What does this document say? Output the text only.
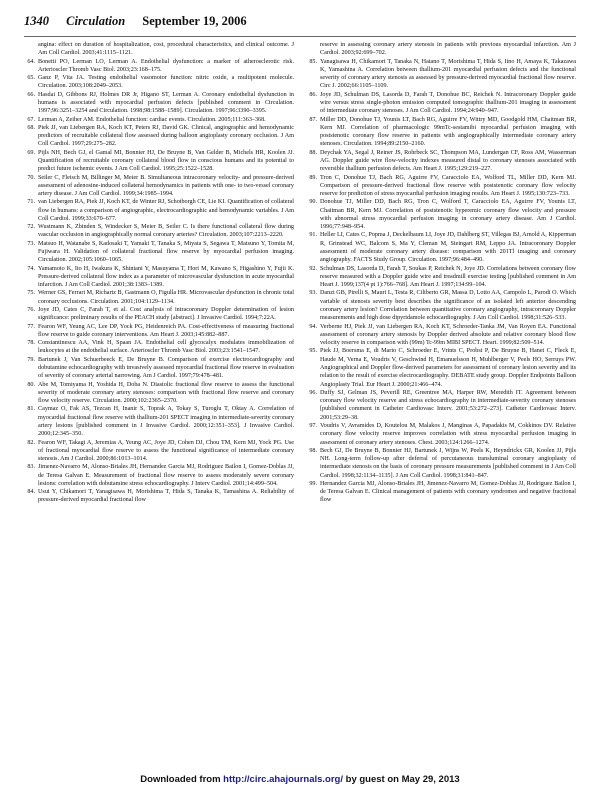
1340 Circulation September 19, 2006
angina: effect on duration of hospitalization, cost, procedural characteristics, and clinical outcome. J Am Coll Cardiol. 2003;41:1115–1121.
64. Bonetti PO, Lerman LO, Lerman A. Endothelial dysfunction: a marker of atherosclerotic risk. Arterioscler Thromb Vasc Biol. 2003;23:168–175.
65. Ganz P, Vita JA. Testing endothelial vasomotor function: nitric oxide, a multipotent molecule. Circulation. 2003;108:2049–2053.
66. Hasdai D, Gibbons RJ, Holmes DR Jr, Higano ST, Lerman A. Coronary endothelial dysfunction in humans is associated with myocardial perfusion defects [published comment in Circulation. 1997;96:3251–3254 and Circulation. 1998;98:1588–1589]. Circulation. 1997;96:3390–3395.
67. Lerman A, Zeiher AM. Endothelial function: cardiac events. Circulation. 2005;111:363–368.
68. Piek JJ, van Liebergen RA, Koch KT, Peters RJ, David GK. Clinical, angiographic and hemodynamic predictors of recruitable collateral flow assessed during balloon angioplasty coronary occlusion. J Am Coll Cardiol. 1997;29:275–282.
69. Pijls NH, Bech GJ, el Gamal MI, Bonnier HJ, De Bruyne B, Van Gelder B, Michels HR, Koolen JJ. Quantification of recruitable coronary collateral blood flow in conscious humans and its potential to predict future ischemic events. J Am Coll Cardiol. 1995;25:1522–1528.
70. Seiler C, Fleisch M, Billinger M, Meier B. Simultaneous intracoronary velocity- and pressure-derived assessment of adenosine-induced collateral hemodynamics in patients with one- to two-vessel coronary artery disease. J Am Coll Cardiol. 1999;34:1985–1994.
71. van Liebergen RA, Piek JJ, Koch KT, de Winter RJ, Schotborgh CE, Lie KI. Quantification of collateral flow in humans: a comparison of angiographic, electrocardiographic and hemodynamic variables. J Am Coll Cardiol. 1999;33:670–677.
72. Wustmann K, Zbinden S, Windecker S, Meier B, Seiler C. Is there functional collateral flow during vascular occlusion in angiographically normal coronary arteries? Circulation. 2003;107:2213–2220.
73. Matsuo H, Watanabe S, Kadosaki T, Yamaki T, Tanaka S, Miyata S, Segawa T, Matsuno Y, Tomita M, Fujiwara H. Validation of collateral fractional flow reserve by myocardial perfusion imaging. Circulation. 2002;105:1060–1065.
74. Yamamoto K, Ito H, Iwakura K, Shintani Y, Masuyama T, Hori M, Kawano S, Higashino Y, Fujii K. Pressure-derived collateral flow index as a parameter of microvascular dysfunction in acute myocardial infarction. J Am Coll Cardiol. 2001;38:1383–1389.
75. Werner GS, Ferrari M, Richartz B, Gastmann O, Figulla HR. Microvascular dysfunction in chronic total coronary occlusions. Circulation. 2001;104:1129–1134.
76. Joye JD, Cates C, Farah T, et al. Cost analysis of intracoronary Doppler determination of lesion significance: preliminary results of the PEACH study [abstract]. J Invasive Cardiol. 1994;7:22A.
77. Fearon WF, Yeung AC, Lee DP, Yock PG, Heidenreich PA. Cost-effectiveness of measuring fractional flow reserve to guide coronary interventions. Am Heart J. 2003;145:882–887.
78. Constantinescu AA, Vink H, Spaan JA. Endothelial cell glycocalyx modulates immobilization of leukocytes at the endothelial surface. Arterioscler Thromb Vasc Biol. 2003;23:1541–1547.
79. Bartunek J, Van Schuerbeeck E, De Bruyne B. Comparison of exercise electrocardiography and dobutamine echocardiography with invasively assessed myocardial fractional flow reserve in evaluation of severity of coronary arterial narrowing. Am J Cardiol. 1997;79:478–481.
80. Abe M, Tomiyama H, Yoshida H, Doba N. Diastolic fractional flow reserve to assess the functional severity of moderate coronary artery stenoses: comparison with fractional flow reserve and coronary flow velocity reserve. Circulation. 2000;102:2365–2370.
81. Caymaz O, Fak AS, Tezcan H, Inanir S, Toprak A, Tokay S, Turoglu T, Oktay A. Correlation of myocardial fractional flow reserve with thallium-201 SPECT imaging in intermediate-severity coronary artery lesions [published comment in J Invasive Cardiol. 2000;12:351–353]. J Invasive Cardiol. 2000;12:345–350.
82. Fearon WF, Takagi A, Jeremias A, Yeung AC, Joye JD, Cohen DJ, Chou TM, Kern MJ, Yock PG. Use of fractional myocardial flow reserve to assess the functional significance of intermediate coronary stenosis. Am J Cardiol. 2000;86:1013–1014.
83. Jimenez-Navarro M, Alonso-Briales JH, Hernandez Garcia MJ, Rodriguez Bailon I, Gomez-Doblas JJ, de Teresa Galvan E. Measurement of fractional flow reserve to assess moderately severe coronary lesions: correlation with dobutamine stress echocardiography. J Interv Cardiol. 2001;14:499–504.
84. Usui Y, Chikamori T, Yanagisawa H, Morishima T, Hida S, Tanaka K, Tamashina A. Reliability of pressure-derived myocardial fractional flow
reserve in assessing coronary artery stenosis in patients with previous myocardial infarction. Am J Cardiol. 2003;92:699–702.
85. Yanagisawa H, Chikamori T, Tanaka N, Hatano T, Morishima T, Hida S, Iino H, Amaya K, Takazawa K, Yamashina A. Correlation between thallium-201 myocardial perfusion defects and the functional severity of coronary artery stenosis as assessed by pressure-derived myocardial fractional flow reserve. Circ J. 2002;66:1105–1109.
86. Joye JD, Schulman DS, Lasorda D, Farah T, Donohue BC, Reichek N. Intracoronary Doppler guide wire versus stress single-photon emission computed tomographic thallium-201 imaging in assessment of intermediate coronary stenoses. J Am Coll Cardiol. 1994;24:940–947.
87. Miller DD, Donohue TJ, Younis LT, Bach RG, Aguirre FV, Wittry MD, Goodgold HM, Chaitman BR, Kern MJ. Correlation of pharmacologic 99mTc-sestamibi myocardial perfusion imaging with poststenotic coronary flow reserve in patients with angiographically intermediate coronary artery stenoses. Circulation. 1994;89:2150–2160.
88. Deychak YA, Segal J, Reiner JS, Rohrbeck SC, Thompson MA, Lundergan CF, Ross AM, Wasserman AG. Doppler guide wire flow-velocity indexes measured distal to coronary stenoses associated with reversible thallium perfusion defects. Am Heart J. 1995;129:219–227.
89. Tron C, Donohue TJ, Bach RG, Aguirre FV, Caracciolo EA, Wolford TL, Miller DD, Kern MJ. Comparison of pressure-derived fractional flow reserve with poststenotic coronary flow velocity reserve for prediction of stress myocardial perfusion imaging results. Am Heart J. 1995;130:723–733.
90. Donohue TJ, Miller DD, Bach RG, Tron C, Wolford T, Caracciolo EA, Aguirre FV, Younis LT, Chaitman BR, Kern MJ. Correlation of poststenotic hyperemic coronary flow velocity and pressure with abnormal stress myocardial perfusion imaging in coronary artery disease. Am J Cardiol. 1996;77:948–954.
91. Heller LI, Cates C, Popma J, Deckelbaum LI, Joye JD, Dahlberg ST, Villegas BJ, Arnold A, Kipperman R, Grinstead WC, Balcom S, Ma Y, Cleman M, Steingart RM, Leppo JA. Intracoronary Doppler assessment of moderate coronary artery disease: comparison with 201Tl imaging and coronary angiography. FACTS Study Group. Circulation. 1997;96:484–490.
92. Schulman DS, Lasorda D, Farah T, Soukas P, Reichek N, Joye JD. Correlations between coronary flow reserve measured with a Doppler guide wire and treadmill exercise testing [published comment in Am Heart J. 1999;137(4 pt 1):766–768]. Am Heart J. 1997;134:99–104.
93. Danzi GB, Pirelli S, Mauri L, Testa R, Ciliberto GR, Massa D, Lotto AA, Campolo L, Parodi O. Which variable of stenosis severity best describes the significance of an isolated left anterior descending coronary artery lesion? Correlation between quantitative coronary angiography, intracoronary Doppler measurements and high dose dipyridamole echocardiography. J Am Coll Cardiol. 1998;31:526–533.
94. Verberne HJ, Piek JJ, van Liebergen RA, Koch KT, Schroeder-Tanka JM, Van Royen EA. Functional assessment of coronary artery stenosis by Doppler derived absolute and relative coronary blood flow velocity reserve in comparison with (99m) Tc-99m MIBI SPECT. Heart. 1999;82:509–514.
95. Piek JJ, Boersma E, di Mario C, Schroeder E, Vrints C, Probst P, De Bruyne B, Hanet C, Fleck E, Haude M, Verna E, Voudris V, Geschwind H, Emanuelsson H, Muhlberger V, Peels HO, Serruys PW. Angiographical and Doppler flow-derived parameters for assessment of coronary lesion severity and its relation to the result of exercise electrocardiography. DEBATE study group. Doppler Endpoints Balloon Angioplasty Trial. Eur Heart J. 2000;21:466–474.
96. Duffy SJ, Gelman JS, Peverill RE, Greentree MA, Harper RW, Meredith IT. Agreement between coronary flow velocity reserve and stress echocardiography in intermediate-severity coronary stenoses [published comment in Catheter Cardiovasc Interv. 2001;53:272–273]. Catheter Cardiovasc Interv. 2001;53:29–38.
97. Voudris V, Avramides D, Koutelou M, Malakos J, Manginas A, Papadakis M, Cokkinos DV. Relative coronary flow velocity reserve improves correlation with stress myocardial perfusion imaging in assessment of coronary artery stenoses. Chest. 2003;124:1266–1274.
98. Bech GJ, De Bruyne B, Bonnier HJ, Bartunek J, Wijns W, Peels K, Heyndrickx GR, Koolen JJ, Pijls NH. Long-term follow-up after deferral of percutaneous transluminal coronary angioplasty of intermediate stenosis on the basis of coronary pressure measurements [published comment in J Am Coll Cardiol. 1998;32:1134–1135]. J Am Coll Cardiol. 1998;31:841–847.
99. Hernandez Garcia MJ, Alonso-Briales JH, Jimenez-Navarro M, Gomez-Doblas JJ, Rodriguez Bailon I, de Teresa Galvan E. Clinical management of patients with coronary syndromes and negative fractional flow
Downloaded from http://circ.ahajournals.org/ by guest on May 29, 2013
